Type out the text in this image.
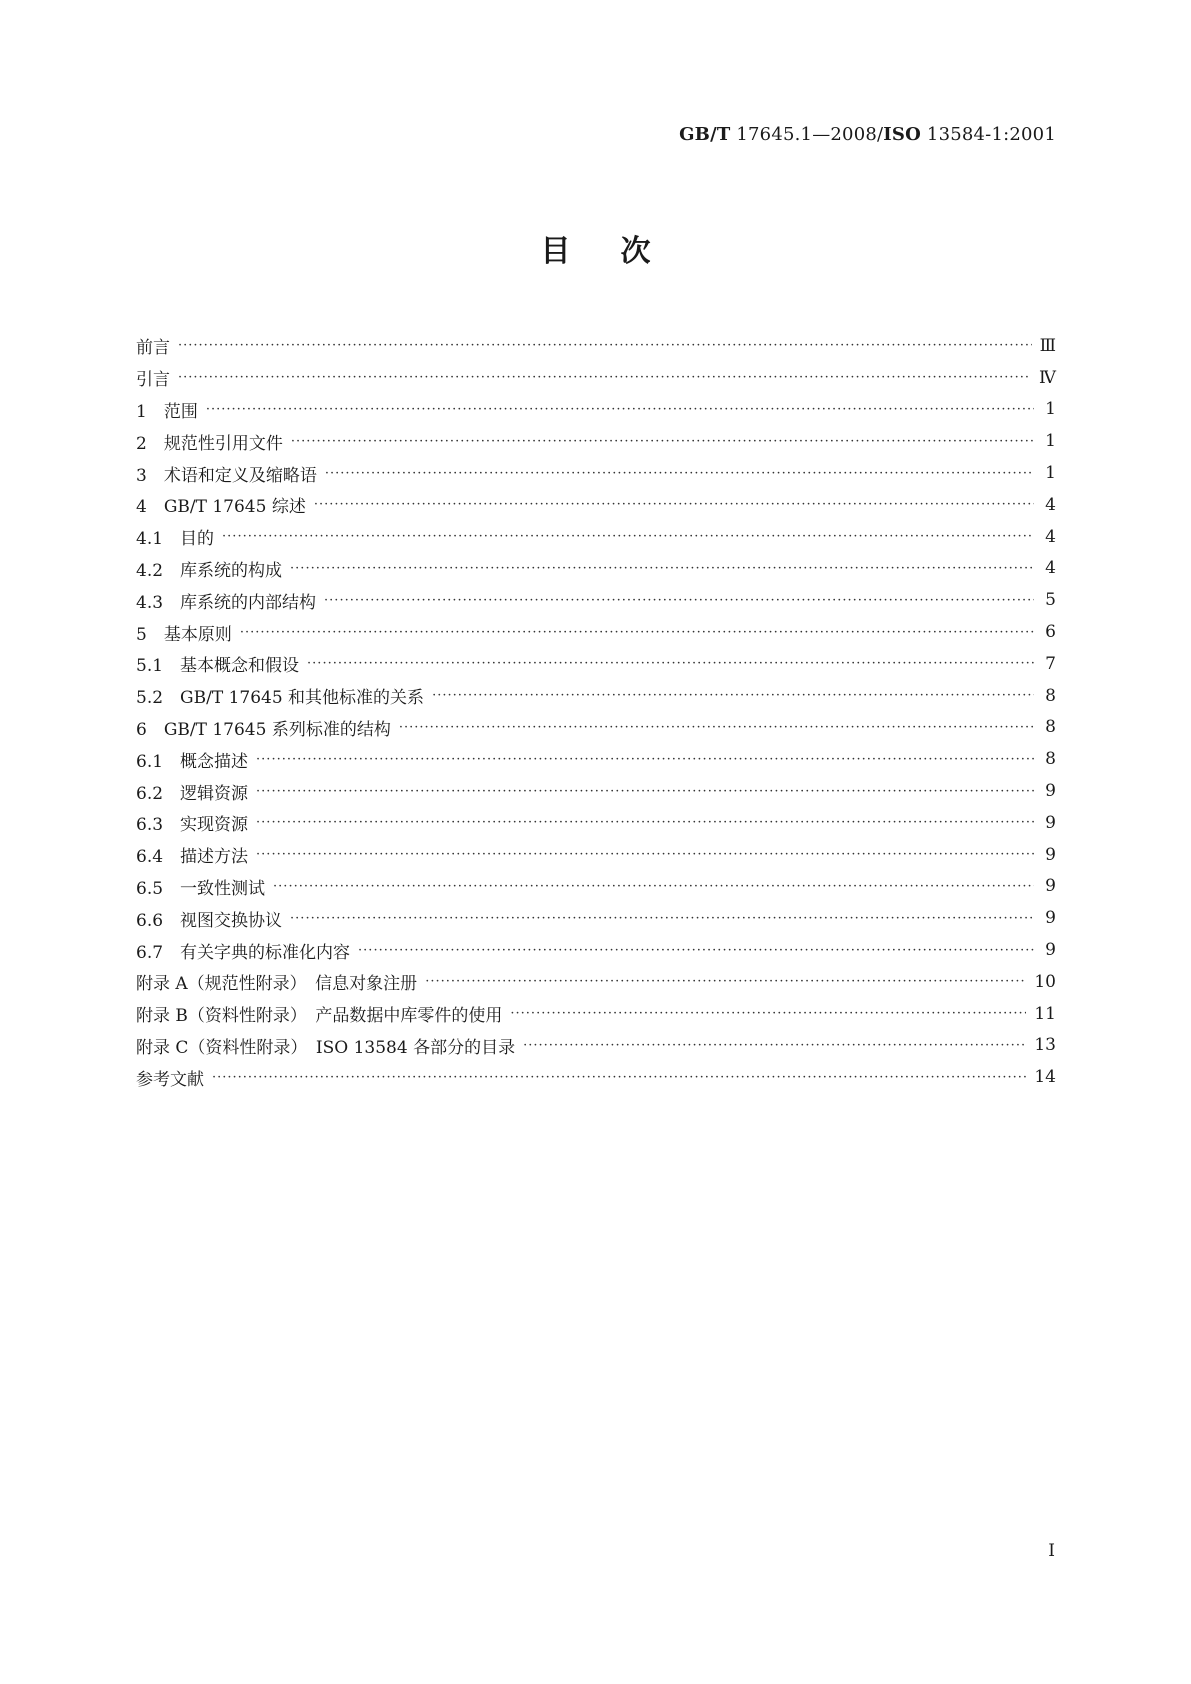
GB/T 17645.1—2008/ISO 13584-1:2001
目次
前言 ·····	Ⅲ
引言 ·····	Ⅳ
1　范围 ·····	1
2　规范性引用文件 ·····	1
3　术语和定义及缩略语 ·····	1
4　GB/T 17645 综述 ·····	4
4.1　目的 ·····	4
4.2　库系统的构成 ·····	4
4.3　库系统的内部结构 ·····	5
5　基本原则 ·····	6
5.1　基本概念和假设 ·····	7
5.2　GB/T 17645 和其他标准的关系 ·····	8
6　GB/T 17645 系列标准的结构 ·····	8
6.1　概念描述 ·····	8
6.2　逻辑资源 ·····	9
6.3　实现资源 ·····	9
6.4　描述方法 ·····	9
6.5　一致性测试 ·····	9
6.6　视图交换协议 ·····	9
6.7　有关字典的标准化内容 ·····	9
附录 A（规范性附录）　信息对象注册 ·····	10
附录 B（资料性附录）　产品数据中库零件的使用 ·····	11
附录 C（资料性附录）　ISO 13584 各部分的目录 ·····	13
参考文献 ·····	14
Ⅰ
